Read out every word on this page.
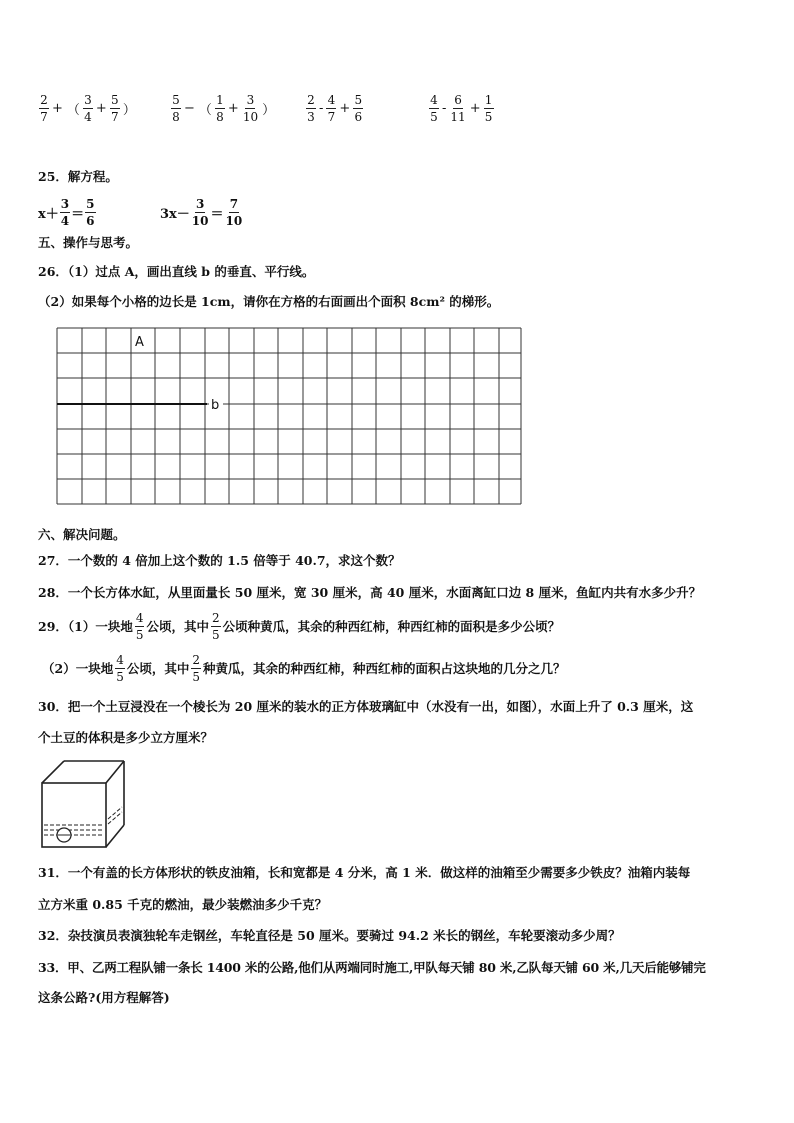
$\frac{2}{7}$ + （ $\frac{3}{4} + \frac{5}{7}$ ）	$\frac{5}{8}$ − （ $\frac{1}{8} + \frac{3}{10}$ ）	$\frac{2}{3} - \frac{4}{7} + \frac{5}{6}$	$\frac{4}{5} - \frac{6}{11} + \frac{1}{5}$
25．解方程。
$x+ \frac{3}{4} = \frac{5}{6}$	$3x- \frac{3}{10} = \frac{7}{10}$
五、操作与思考。
26．（1）过点 A，画出直线 b 的垂直、平行线。
（2）如果每个小格的边长是 1cm，请你在方格的右面画出个面积 8cm² 的梯形。
A
b
六、解决问题。
27．一个数的 4 倍加上这个数的 1.5 倍等于 40.7，求这个数？
28．一个长方体水缸，从里面量长 50 厘米，宽 30 厘米，高 40 厘米，水面离缸口边 8 厘米，鱼缸内共有水多少升？
29．（1）一块地 $\frac{4}{5}$ 公顷，其中 $\frac{2}{5}$ 公顷种黄瓜，其余的种西红柿，种西红柿的面积是多少公顷？
（2）一块地 $\frac{4}{5}$ 公顷，其中 $\frac{2}{5}$ 种黄瓜，其余的种西红柿，种西红柿的面积占这块地的几分之几？
30．把一个土豆浸没在一个棱长为 20 厘米的装水的正方体玻璃缸中（水没有一出，如图），水面上升了 0.3 厘米，这
个土豆的体积是多少立方厘米？
31．一个有盖的长方体形状的铁皮油箱，长和宽都是 4 分米，高 1 米．做这样的油箱至少需要多少铁皮？油箱内装每
立方米重 0.85 千克的燃油，最少装燃油多少千克？
32．杂技演员表演独轮车走钢丝，车轮直径是 50 厘米。要骑过 94.2 米长的钢丝，车轮要滚动多少周？
33．甲、乙两工程队铺一条长 1400 米的公路,他们从两端同时施工,甲队每天铺 80 米,乙队每天铺 60 米,几天后能够铺完
这条公路?(用方程解答)
